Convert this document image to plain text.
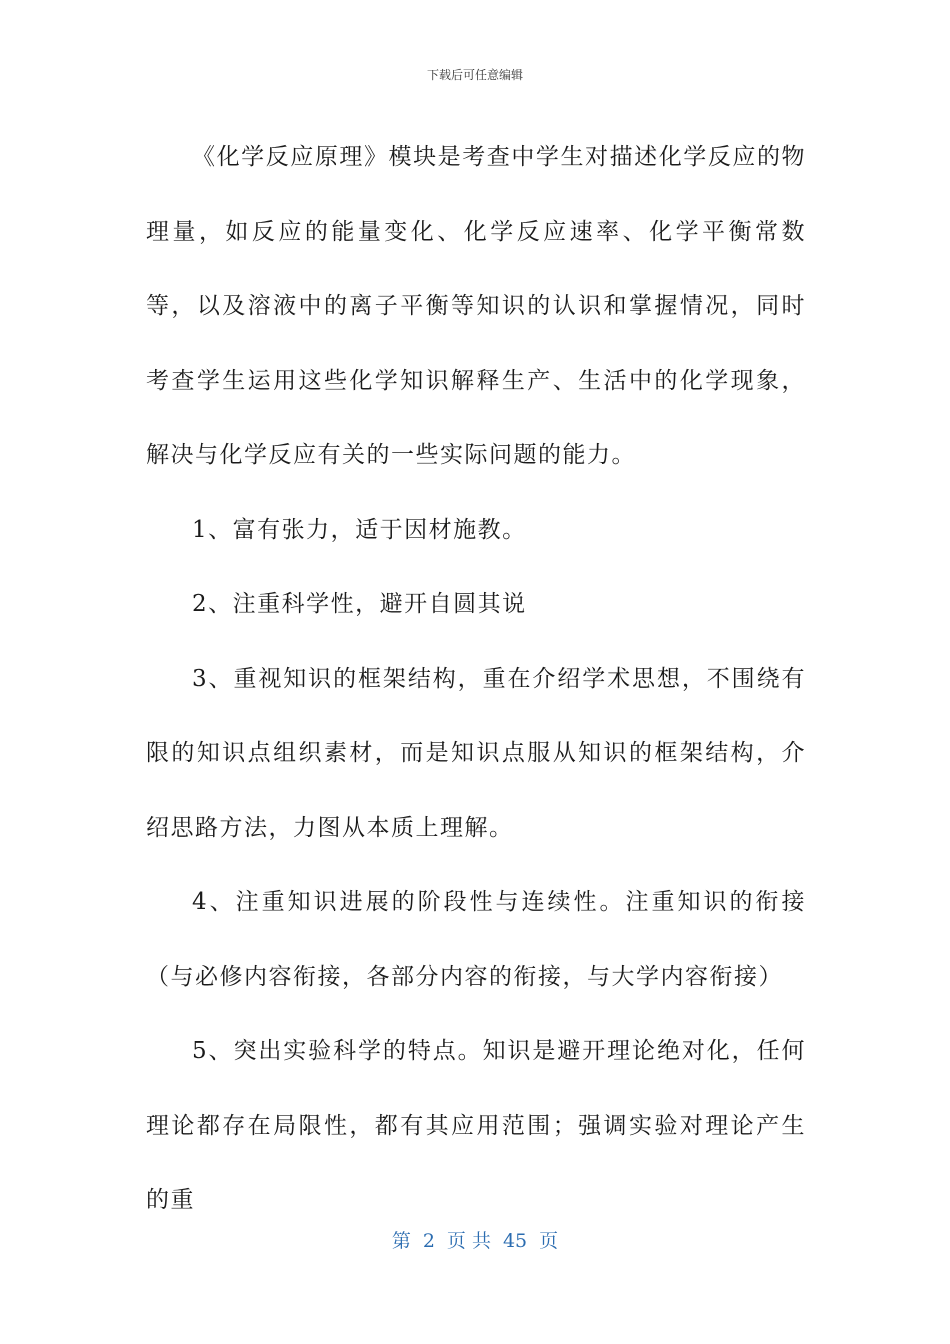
下载后可任意编辑

《化学反应原理》模块是考查中学生对描述化学反应的物理量，如反应的能量变化、化学反应速率、化学平衡常数等，以及溶液中的离子平衡等知识的认识和掌握情况，同时考查学生运用这些化学知识解释生产、生活中的化学现象，解决与化学反应有关的一些实际问题的能力。

1、富有张力，适于因材施教。

2、注重科学性，避开自圆其说

3、重视知识的框架结构，重在介绍学术思想，不围绕有限的知识点组织素材，而是知识点服从知识的框架结构，介绍思路方法，力图从本质上理解。

4、注重知识进展的阶段性与连续性。注重知识的衔接（与必修内容衔接，各部分内容的衔接，与大学内容衔接）

5、突出实验科学的特点。知识是避开理论绝对化，任何理论都存在局限性，都有其应用范围；强调实验对理论产生的重

第 2 页 共 45 页
